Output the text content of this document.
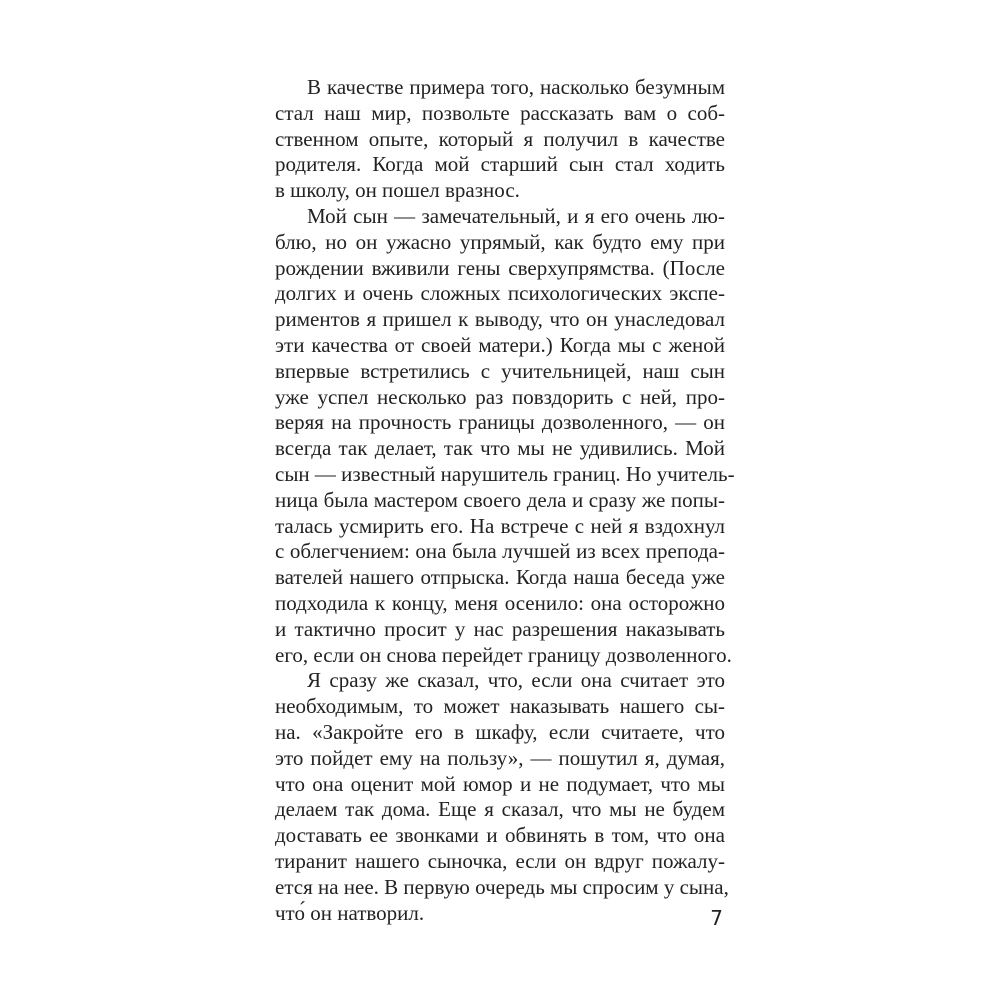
В качестве примера того, насколько безумным
стал наш мир, позвольте рассказать вам о соб-
ственном опыте, который я получил в качестве
родителя. Когда мой старший сын стал ходить
в школу, он пошел вразнос.
Мой сын — замечательный, и я его очень лю-
блю, но он ужасно упрямый, как будто ему при
рождении вживили гены сверхупрямства. (После
долгих и очень сложных психологических экспе-
риментов я пришел к выводу, что он унаследовал
эти качества от своей матери.) Когда мы с женой
впервые встретились с учительницей, наш сын
уже успел несколько раз повздорить с ней, про-
веряя на прочность границы дозволенного, — он
всегда так делает, так что мы не удивились. Мой
сын — известный нарушитель границ. Но учитель-
ница была мастером своего дела и сразу же попы-
талась усмирить его. На встрече с ней я вздохнул
с облегчением: она была лучшей из всех препода-
вателей нашего отпрыска. Когда наша беседа уже
подходила к концу, меня осенило: она осторожно
и тактично просит у нас разрешения наказывать
его, если он снова перейдет границу дозволенного.
Я сразу же сказал, что, если она считает это
необходимым, то может наказывать нашего сы-
на. «Закройте его в шкафу, если считаете, что
это пойдет ему на пользу», — пошутил я, думая,
что она оценит мой юмор и не подумает, что мы
делаем так дома. Еще я сказал, что мы не будем
доставать ее звонками и обвинять в том, что она
тиранит нашего сыночка, если он вдруг пожалу-
ется на нее. В первую очередь мы спросим у сына,
что́ он натворил.	7
